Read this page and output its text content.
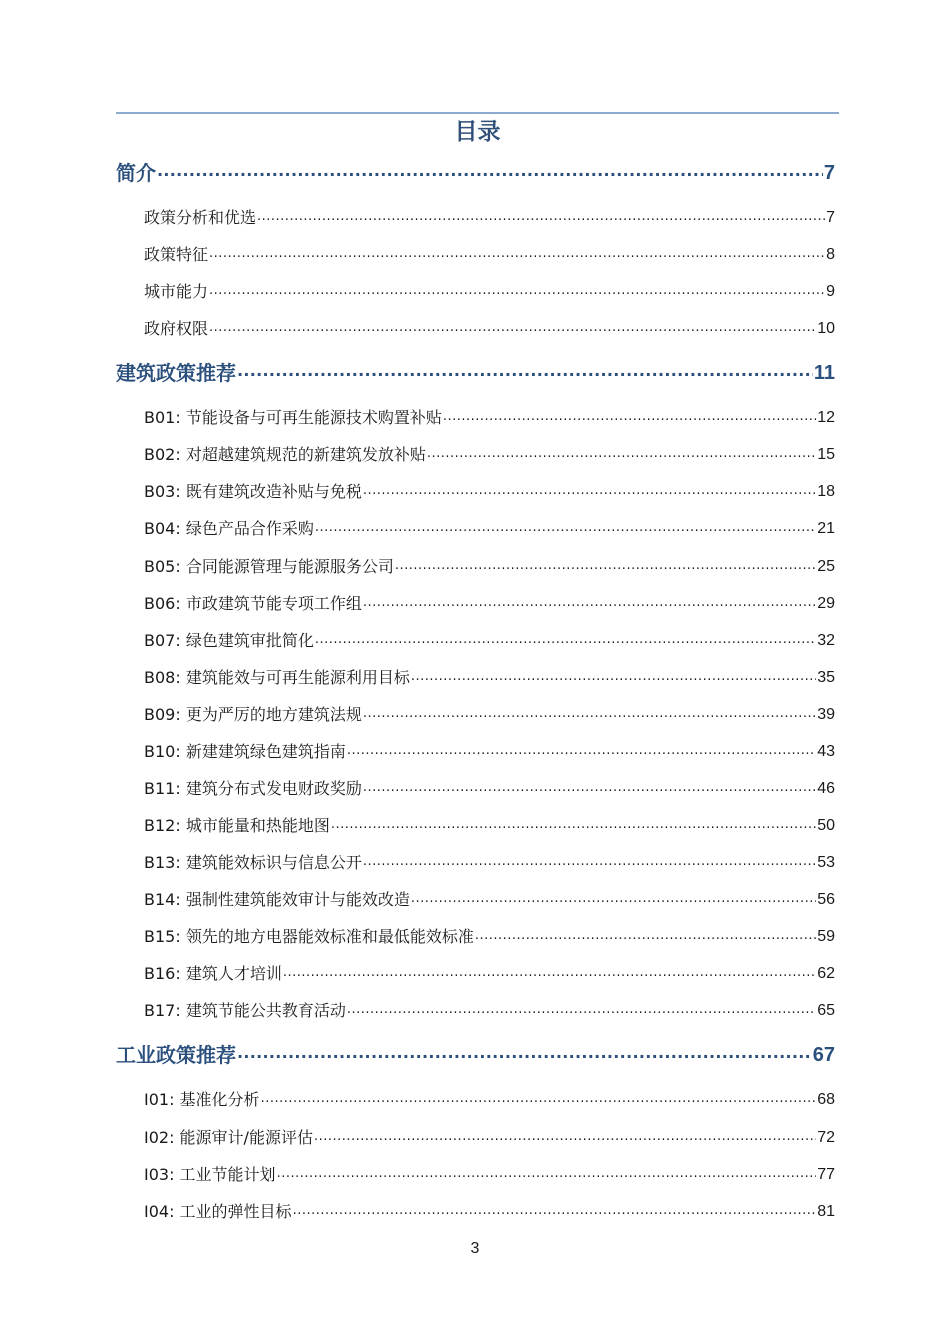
目录
简介 .....	7
政策分析和优选 .....	7
政策特征 .....	8
城市能力 .....	9
政府权限 .....	10
建筑政策推荐 .....	11
B01: 节能设备与可再生能源技术购置补贴 .....	12
B02: 对超越建筑规范的新建筑发放补贴 .....	15
B03: 既有建筑改造补贴与免税 .....	18
B04: 绿色产品合作采购 .....	21
B05: 合同能源管理与能源服务公司 .....	25
B06: 市政建筑节能专项工作组 .....	29
B07: 绿色建筑审批简化 .....	32
B08: 建筑能效与可再生能源利用目标 .....	35
B09: 更为严厉的地方建筑法规 .....	39
B10: 新建建筑绿色建筑指南 .....	43
B11: 建筑分布式发电财政奖励 .....	46
B12: 城市能量和热能地图 .....	50
B13: 建筑能效标识与信息公开 .....	53
B14: 强制性建筑能效审计与能效改造 .....	56
B15: 领先的地方电器能效标准和最低能效标准 .....	59
B16: 建筑人才培训 .....	62
B17: 建筑节能公共教育活动 .....	65
工业政策推荐 .....	67
I01: 基准化分析 .....	68
I02: 能源审计/能源评估 .....	72
I03: 工业节能计划 .....	77
I04: 工业的弹性目标 .....	81
3
